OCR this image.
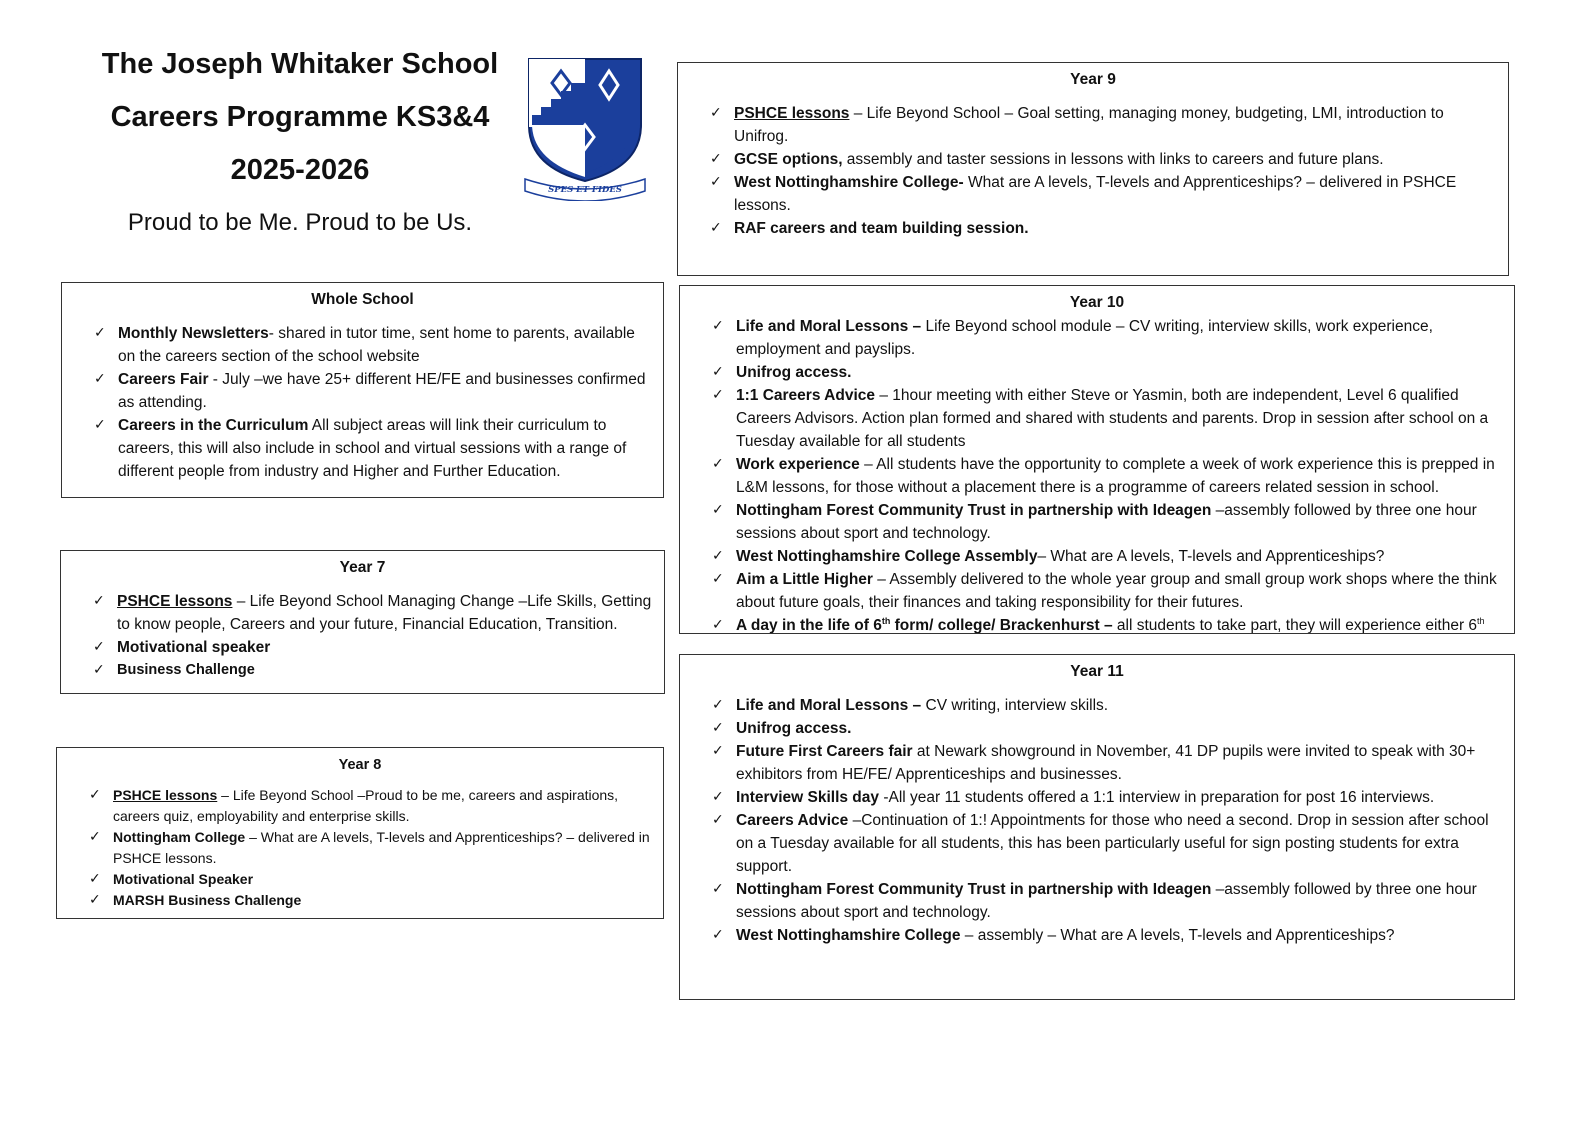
The Joseph Whitaker School
Careers Programme KS3&4
2025-2026
Proud to be Me. Proud to be Us.
SPES ET FIDES
Whole School
✓ Monthly Newsletters- shared in tutor time, sent home to parents, available on the careers section of the school website
✓ Careers Fair - July –we have 25+ different HE/FE and businesses confirmed as attending.
✓ Careers in the Curriculum All subject areas will link their curriculum to careers, this will also include in school and virtual sessions with a range of different people from industry and Higher and Further Education.
Year 7
✓ PSHCE lessons – Life Beyond School Managing Change –Life Skills, Getting to know people, Careers and your future, Financial Education, Transition.
✓ Motivational speaker
✓ Business Challenge
Year 8
✓ PSHCE lessons – Life Beyond School –Proud to be me, careers and aspirations, careers quiz, employability and enterprise skills.
✓ Nottingham College – What are A levels, T-levels and Apprenticeships? – delivered in PSHCE lessons.
✓ Motivational Speaker
✓ MARSH Business Challenge
Year 9
✓ PSHCE lessons – Life Beyond School – Goal setting, managing money, budgeting, LMI, introduction to Unifrog.
✓ GCSE options, assembly and taster sessions in lessons with links to careers and future plans.
✓ West Nottinghamshire College- What are A levels, T-levels and Apprenticeships? – delivered in PSHCE lessons.
✓ RAF careers and team building session.
Year 10
✓ Life and Moral Lessons – Life Beyond school module – CV writing, interview skills, work experience, employment and payslips.
✓ Unifrog access.
✓ 1:1 Careers Advice – 1hour meeting with either Steve or Yasmin, both are independent, Level 6 qualified Careers Advisors. Action plan formed and shared with students and parents. Drop in session after school on a Tuesday available for all students
✓ Work experience – All students have the opportunity to complete a week of work experience this is prepped in L&M lessons, for those without a placement there is a programme of careers related session in school.
✓ Nottingham Forest Community Trust in partnership with Ideagen –assembly followed by three one hour sessions about sport and technology.
✓ West Nottinghamshire College Assembly– What are A levels, T-levels and Apprenticeships?
✓ Aim a Little Higher – Assembly delivered to the whole year group and small group work shops where the think about future goals, their finances and taking responsibility for their futures.
✓ A day in the life of 6th form/ college/ Brackenhurst – all students to take part, they will experience either 6th
Year 11
✓ Life and Moral Lessons – CV writing, interview skills.
✓ Unifrog access.
✓ Future First Careers fair at Newark showground in November, 41 DP pupils were invited to speak with 30+ exhibitors from HE/FE/ Apprenticeships and businesses.
✓ Interview Skills day -All year 11 students offered a 1:1 interview in preparation for post 16 interviews.
✓ Careers Advice –Continuation of 1:! Appointments for those who need a second. Drop in session after school on a Tuesday available for all students, this has been particularly useful for sign posting students for extra support.
✓ Nottingham Forest Community Trust in partnership with Ideagen –assembly followed by three one hour sessions about sport and technology.
✓ West Nottinghamshire College – assembly – What are A levels, T-levels and Apprenticeships?
